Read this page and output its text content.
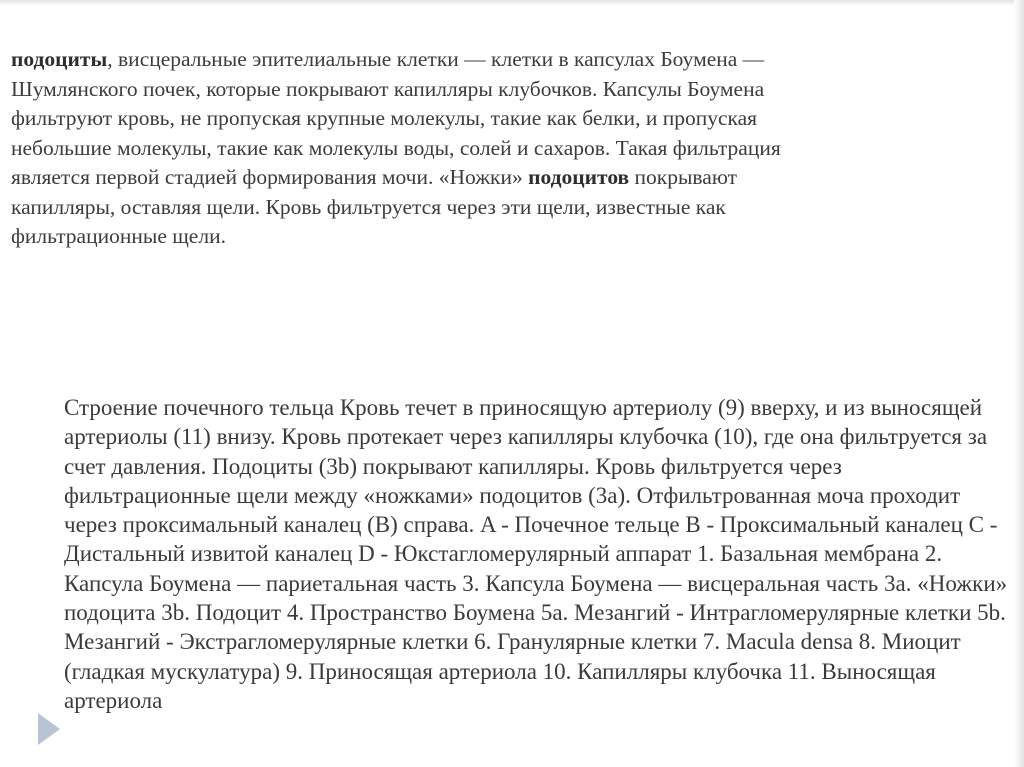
подоциты, висцеральные эпителиальные клетки — клетки в капсулах Боумена — Шумлянского почек, которые покрывают капилляры клубочков. Капсулы Боумена фильтруют кровь, не пропуская крупные молекулы, такие как белки, и пропуская небольшие молекулы, такие как молекулы воды, солей и сахаров. Такая фильтрация является первой стадией формирования мочи. «Ножки» подоцитов покрывают капилляры, оставляя щели. Кровь фильтруется через эти щели, известные как фильтрационные щели.
Строение почечного тельца Кровь течет в приносящую артериолу (9) вверху, и из выносящей артериолы (11) внизу. Кровь протекает через капилляры клубочка (10), где она фильтруется за счет давления. Подоциты (3b) покрывают капилляры. Кровь фильтруется через фильтрационные щели между «ножками» подоцитов (3а). Отфильтрованная моча проходит через проксимальный каналец (B) справа. A - Почечное тельце B - Проксимальный каналец C - Дистальный извитой каналец D - Юкстагломерулярный аппарат 1. Базальная мембрана 2. Капсула Боумена — париетальная часть 3. Капсула Боумена — висцеральная часть 3а. «Ножки» подоцита 3b. Подоцит 4. Пространство Боумена 5a. Мезангий - Интрагломерулярные клетки 5b. Мезангий - Экстрагломерулярные клетки 6. Гранулярные клетки 7. Macula densa 8. Миоцит (гладкая мускулатура) 9. Приносящая артериола 10. Капилляры клубочка 11. Выносящая артериола
